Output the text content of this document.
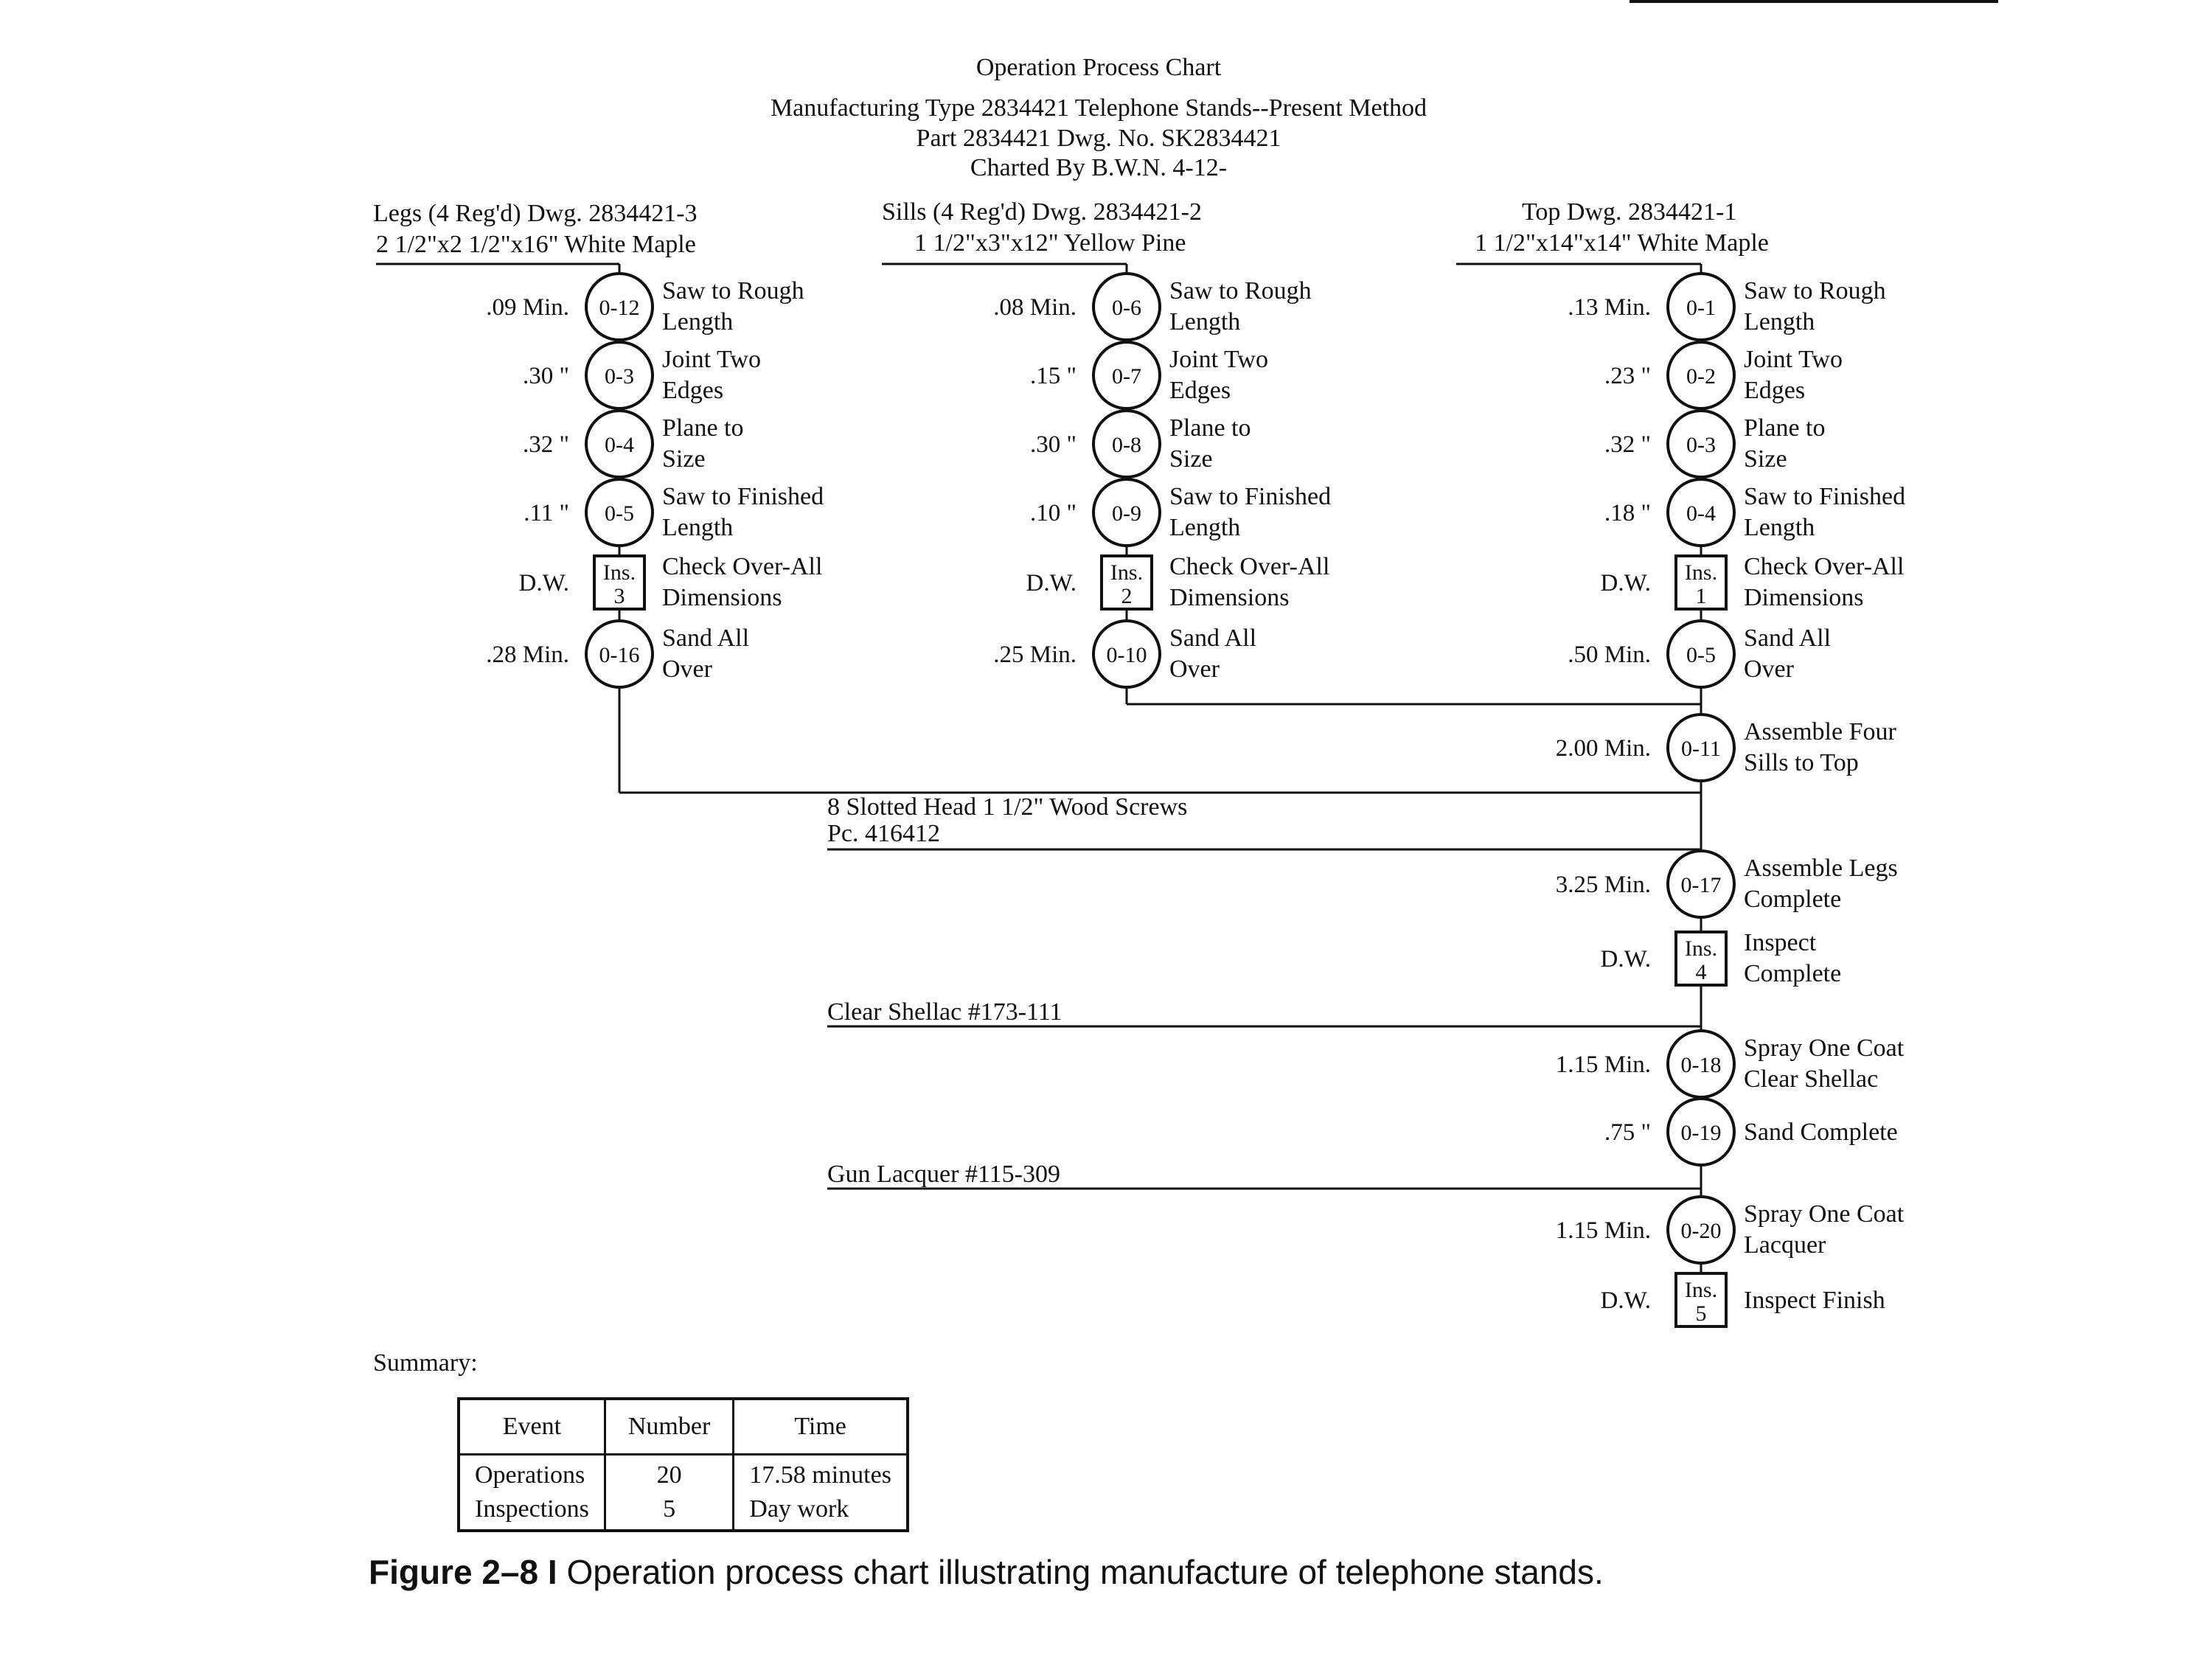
Operation Process Chart
Manufacturing Type 2834421 Telephone Stands--Present Method
Part 2834421 Dwg. No. SK2834421
Charted By B.W.N. 4-12-
Legs (4 Reg'd) Dwg. 2834421-3
2 1/2"x2 1/2"x16" White Maple
Sills (4 Reg'd) Dwg. 2834421-2
1 1/2"x3"x12" Yellow Pine
Top Dwg. 2834421-1
1 1/2"x14"x14" White Maple
8 Slotted Head 1 1/2" Wood Screws
Pc. 416412
Clear Shellac #173-111
Gun Lacquer #115-309
0-12
.09 Min.
Saw to Rough
Length
0-3
.30 "
Joint Two
Edges
0-4
.32 "
Plane to
Size
0-5
.11 "
Saw to Finished
Length
Ins.
3
D.W.
Check Over-All
Dimensions
0-16
.28 Min.
Sand All
Over
0-6
.08 Min.
Saw to Rough
Length
0-7
.15 "
Joint Two
Edges
0-8
.30 "
Plane to
Size
0-9
.10 "
Saw to Finished
Length
Ins.
2
D.W.
Check Over-All
Dimensions
0-10
.25 Min.
Sand All
Over
0-1
.13 Min.
Saw to Rough
Length
0-2
.23 "
Joint Two
Edges
0-3
.32 "
Plane to
Size
0-4
.18 "
Saw to Finished
Length
Ins.
1
D.W.
Check Over-All
Dimensions
0-5
.50 Min.
Sand All
Over
0-11
2.00 Min.
Assemble Four
Sills to Top
0-17
3.25 Min.
Assemble Legs
Complete
Ins.
4
D.W.
Inspect
Complete
0-18
1.15 Min.
Spray One Coat
Clear Shellac
0-19
.75 "	Sand Complete
0-20
1.15 Min.
Spray One Coat
Lacquer
Ins.
5
D.W.	Inspect Finish
Summary:
Event	Number	Time
Operations	20	17.58 minutes
Inspections	5	Day work
Figure 2–8 I Operation process chart illustrating manufacture of telephone stands.
